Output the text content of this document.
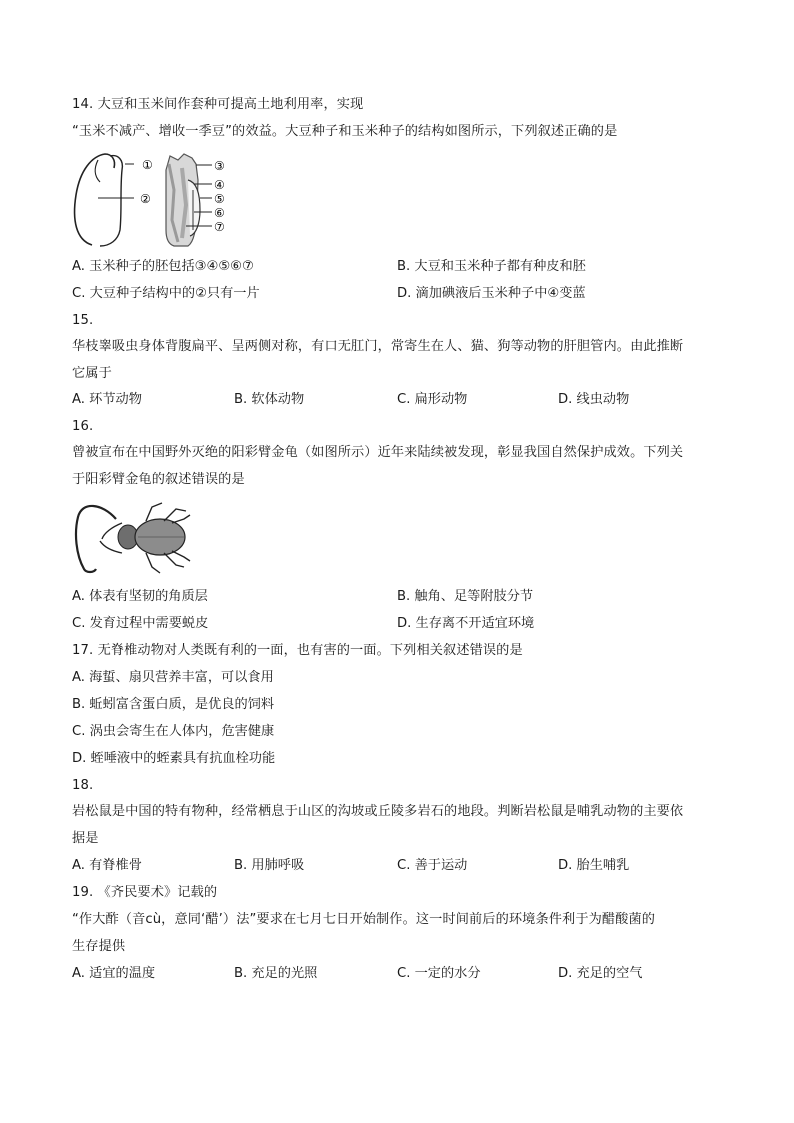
14. 大豆和玉米间作套种可提高土地利用率，实现
“玉米不减产、增收一季豆”的效益。大豆种子和玉米种子的结构如图所示，下列叙述正确的是
①
②
③
④
⑤
⑥
⑦
A. 玉米种子的胚包括③④⑤⑥⑦	B. 大豆和玉米种子都有种皮和胚
C. 大豆种子结构中的②只有一片	D. 滴加碘液后玉米种子中④变蓝
15.
华枝睾吸虫身体背腹扁平、呈两侧对称，有口无肛门，常寄生在人、猫、狗等动物的肝胆管内。由此推断
它属于
A. 环节动物	B. 软体动物	C. 扁形动物	D. 线虫动物
16.
曾被宣布在中国野外灭绝的阳彩臂金龟（如图所示）近年来陆续被发现，彰显我国自然保护成效。下列关
于阳彩臂金龟的叙述错误的是
A. 体表有坚韧的角质层	B. 触角、足等附肢分节
C. 发育过程中需要蜕皮	D. 生存离不开适宜环境
17. 无脊椎动物对人类既有利的一面，也有害的一面。下列相关叙述错误的是
A. 海蜇、扇贝营养丰富，可以食用
B. 蚯蚓富含蛋白质，是优良的饲料
C. 涡虫会寄生在人体内，危害健康
D. 蛭唾液中的蛭素具有抗血栓功能
18.
岩松鼠是中国的特有物种，经常栖息于山区的沟坡或丘陵多岩石的地段。判断岩松鼠是哺乳动物的主要依
据是
A. 有脊椎骨	B. 用肺呼吸	C. 善于运动	D. 胎生哺乳
19. 《齐民要术》记载的
“作大酢（音cù，意同‘醋’）法”要求在七月七日开始制作。这一时间前后的环境条件利于为醋酸菌的
生存提供
A. 适宜的温度	B. 充足的光照	C. 一定的水分	D. 充足的空气
